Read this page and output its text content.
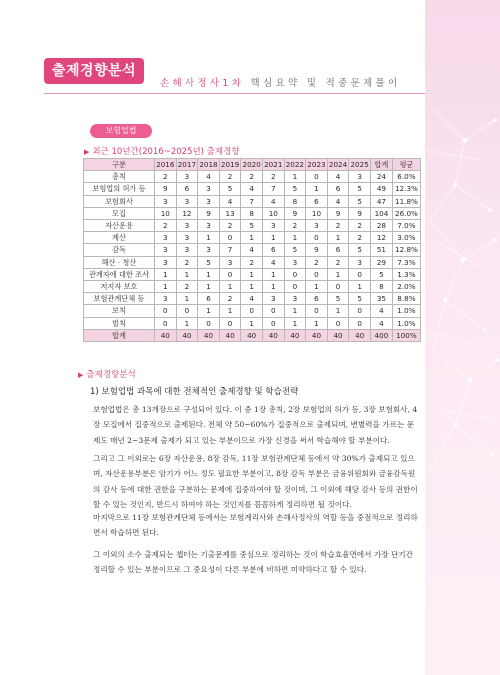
출제경향분석
손해사정사1차 핵심요약 및 적중문제풀이
보험업법
▶ 최근 10년간(2016~2025년) 출제경향
구분	2016	2017	2018	2019	2020	2021	2022	2023	2024	2025	합계	평균
총칙	2	3	4	2	2	2	1	0	4	3	24	6.0%
보험업의 허가 등	9	6	3	5	4	7	5	1	6	5	49	12.3%
보험회사	3	3	3	4	7	4	8	6	4	5	47	11.8%
모집	10	12	9	13	8	10	9	10	9	9	104	26.0%
자산운용	2	3	3	2	5	3	2	3	2	2	28	7.0%
계산	3	3	1	0	1	1	1	0	1	2	12	3.0%
감독	3	3	3	7	4	6	5	9	6	5	51	12.8%
해산 · 청산	3	2	5	3	2	4	3	2	2	3	29	7.3%
관계자에 대한 조사	1	1	1	0	1	1	0	0	1	0	5	1.3%
저지자 보호	1	2	1	1	1	1	0	1	0	1	8	2.0%
보험관계단체 등	3	1	6	2	4	3	3	6	5	5	35	8.8%
보칙	0	0	1	1	0	0	1	0	1	0	4	1.0%
벌칙	0	1	0	0	1	0	1	1	0	0	4	1.0%
합계	40	40	40	40	40	40	40	40	40	40	400	100%
▶ 출제경향분석
1) 보험업법 과목에 대한 전체적인 출제경향 및 학습전략
보험업법은 총 13개장으로 구성되어 있다. 이 중 1장 총칙, 2장 보험업의 허가 등, 3장 보험회사, 4장 모집에서 집중적으로 출제된다. 전체 약 50~60%가 집중적으로 출제되며, 변별력을 가르는 문제도 매년 2~3문제 출제가 되고 있는 부분이므로 가장 신경을 써서 학습해야 할 부분이다.
그리고 그 이외로는 6장 자산운용, 8장 감독, 11장 보험관계단체 등에서 약 30%가 출제되고 있으며, 자산운용부분은 암기가 어느 정도 필요한 부분이고, 8장 감독 부분은 금융위원회와 금융감독원의 감사 등에 대한 권한을 구분하는 문제에 집중하여야 할 것이며, 그 이외에 해당 감사 등의 권한이 할 수 있는 것인지, 반드시 하여야 하는 것인지를 꼼꼼하게 정리하면 될 것이다.
마지막으로 11장 보험관계단체 등에서는 보험계리사와 손해사정사의 역할 등을 중점적으로 정리하면서 학습하면 된다.
그 이외의 소수 출제되는 챕터는 기출문제를 중심으로 정리하는 것이 학습효율면에서 가장 단기간 정리할 수 있는 부분이므로 그 중요성이 다른 부분에 비하면 미약하다고 할 수 있다.
